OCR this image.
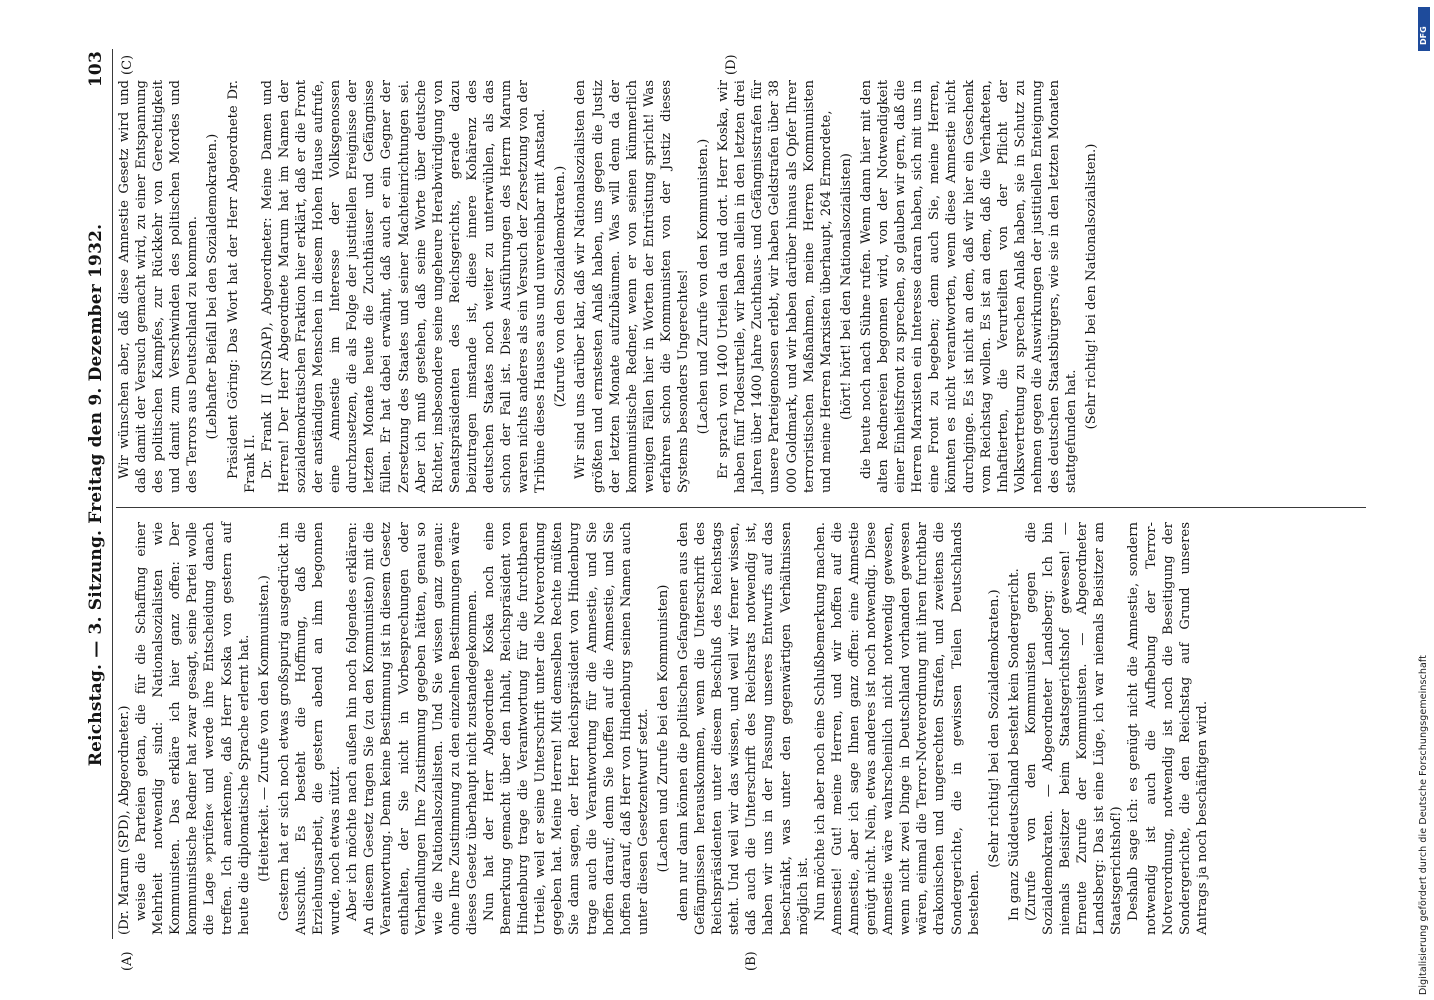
Reichstag. — 3. Sitzung. Freitag den 9. Dezember 1932.
103

(Dr. Marum (SPD), Abgeordneter.) weise die Parteien getan, die für die Schaffung einer Mehrheit notwendig sind: Nationalsozialisten wie Kommunisten. Das erkläre ich hier ganz offen: Der kommunistische Redner hat zwar gesagt, seine Partei wolle die Lage »prüfen« und werde ihre Entscheidung danach treffen. Ich anerkenne, daß Herr Koska von gestern auf heute die diplomatische Sprache erlernt hat. (Heiterkeit. — Zurufe von den Kommunisten.) Gestern hat er sich noch etwas großspurig ausgedrückt im Ausschuß. Es besteht die Hoffnung, daß die Erziehungsarbeit, die gestern abend an ihm begonnen wurde, noch etwas nützt. Aber ich möchte nach außen hin noch folgendes erklären: An diesem Gesetz tragen Sie (zu den Kommunisten) mit die Verantwortung. Denn keine Bestimmung ist in diesem Gesetz enthalten, der Sie nicht in Vorbesprechungen oder Verhandlungen Ihre Zustimmung gegeben hätten, genau so wie die Nationalsozialisten. Und Sie wissen ganz genau: ohne Ihre Zustimmung zu den einzelnen Bestimmungen wäre dieses Gesetz überhaupt nicht zustandegekommen. Nun hat der Herr Abgeordnete Koska noch eine Bemerkung gemacht über den Inhalt, Reichspräsident von Hindenburg trage die Verantwortung für die furchtbaren Urteile, weil er seine Unterschrift unter die Notverordnung gegeben hat. Meine Herren! Mit demselben Rechte müßten Sie dann sagen, der Herr Reichspräsident von Hindenburg trage auch die Verantwortung für die Amnestie, und Sie hoffen darauf; denn Sie hoffen auf die Amnestie, und Sie hoffen darauf, daß Herr von Hindenburg seinen Namen auch unter diesen Gesetzentwurf setzt. (Lachen und Zurufe bei den Kommunisten) denn nur dann können die politischen Gefangenen aus den Gefängnissen herauskommen, wenn die Unterschrift des Reichspräsidenten unter diesem Beschluß des Reichstags steht. Und weil wir das wissen, und weil wir ferner wissen, daß auch die Unterschrift des Reichsrats notwendig ist, haben wir uns in der Fassung unseres Entwurfs auf das beschränkt, was unter den gegenwärtigen Verhältnissen möglich ist. Nun möchte ich aber noch eine Schlußbemerkung machen. Amnestie! Gut! meine Herren, und wir hoffen auf die Amnestie, aber ich sage Ihnen ganz offen: eine Amnestie genügt nicht. Nein, etwas anderes ist noch notwendig. Diese Amnestie wäre wahrscheinlich nicht notwendig gewesen, wenn nicht zwei Dinge in Deutschland vorhanden gewesen wären, einmal die Terror-Notverordnung mit ihren furchtbar drakonischen und ungerechten Strafen, und zweitens die Sondergerichte, die in gewissen Teilen Deutschlands bestehen.

(Sehr richtig! bei den Sozialdemokraten.) In ganz Süddeutschland besteht kein Sondergericht. (Zurufe von den Kommunisten gegen die Sozialdemokraten. — Abgeordneter Landsberg: Ich bin niemals Beisitzer beim Staatsgerichtshof gewesen! — Erneute Zurufe der Kommunisten. — Abgeordneter Landsberg: Das ist eine Lüge, ich war niemals Beisitzer am Staatsgerichtshof!) Deshalb sage ich: es genügt nicht die Amnestie, sondern notwendig ist auch die Aufhebung der Terror-Notverordnung, notwendig ist noch die Beseitigung der Sondergerichte, die den Reichstag auf Grund unseres Antrags ja noch beschäftigen wird.

Wir wünschen aber, daß diese Amnestie Gesetz wird und daß damit der Versuch gemacht wird, zu einer Entspannung des politischen Kampfes, zur Rückkehr von Gerechtigkeit und damit zum Verschwinden des politischen Mordes und des Terrors aus Deutschland zu kommen. (Lebhafter Beifall bei den Sozialdemokraten.) Präsident Göring: Das Wort hat der Herr Abgeordnete Dr. Frank II. Dr. Frank II (NSDAP), Abgeordneter: Meine Damen und Herren! Der Herr Abgeordnete Marum hat im Namen der sozialdemokratischen Fraktion hier erklärt, daß er die Front der anständigen Menschen in diesem Hohen Hause aufrufe, eine Amnestie im Interesse der Volksgenossen durchzusetzen, die als Folge der justitiellen Ereignisse der letzten Monate heute die Zuchthäuser und Gefängnisse füllen. Er hat dabei erwähnt, daß auch er ein Gegner der Zersetzung des Staates und seiner Machteinrichtungen sei. Aber ich muß gestehen, daß seine Worte über deutsche Richter, insbesondere seine ungeheure Herabwürdigung von Senatspräsidenten des Reichsgerichts, gerade dazu beizutragen imstande ist, diese innere Kohärenz des deutschen Staates noch weiter zu unterwühlen, als das schon der Fall ist. Diese Ausführungen des Herrn Marum waren nichts anderes als ein Versuch der Zersetzung von der Tribüne dieses Hauses aus und unvereinbar mit Anstand. (Zurufe von den Sozialdemokraten.) Wir sind uns darüber klar, daß wir Nationalsozialisten den größten und ernstesten Anlaß haben, uns gegen die Justiz der letzten Monate aufzubäumen. Was will denn da der kommunistische Redner, wenn er von seinen kümmerlich wenigen Fällen hier in Worten der Entrüstung spricht! Was erfahren schon die Kommunisten von der Justiz dieses Systems besonders Ungerechtes! (Lachen und Zurufe von den Kommunisten.) Er sprach von 1400 Urteilen da und dort. Herr Koska, wir haben fünf Todesurteile, wir haben allein in den letzten drei Jahren über 1400 Jahre Zuchthaus- und Gefängnisstrafen für unsere Parteigenossen erlebt, wir haben Geldstrafen über 38 000 Goldmark, und wir haben darüber hinaus als Opfer Ihrer terroristischen Maßnahmen, meine Herren Kommunisten und meine Herren Marxisten überhaupt, 264 Ermordete, (hört! hört! bei den Nationalsozialisten) die heute noch nach Sühne rufen. Wenn dann hier mit den alten Rednereien begonnen wird, von der Notwendigkeit einer Einheitsfront zu sprechen, so glauben wir gern, daß die Herren Marxisten ein Interesse daran haben, sich mit uns in eine Front zu begeben; denn auch Sie, meine Herren, könnten es nicht verantworten, wenn diese Amnestie nicht durchginge. Es ist nicht an dem, daß wir hier ein Geschenk vom Reichstag wollen. Es ist an dem, daß die Verhafteten, Inhaftierten, die Verurteilten von der Pflicht der Volksvertretung zu sprechen Anlaß haben, sie in Schutz zu nehmen gegen die Auswirkungen der justitiellen Enteignung des deutschen Staatsbürgers, wie sie in den letzten Monaten stattgefunden hat.

(Sehr richtig! bei den Nationalsozialisten.)

(A)	(B)
(C)	(D)
Digitalisierung gefördert durch die Deutsche Forschungsgemeinschaft
DFG
